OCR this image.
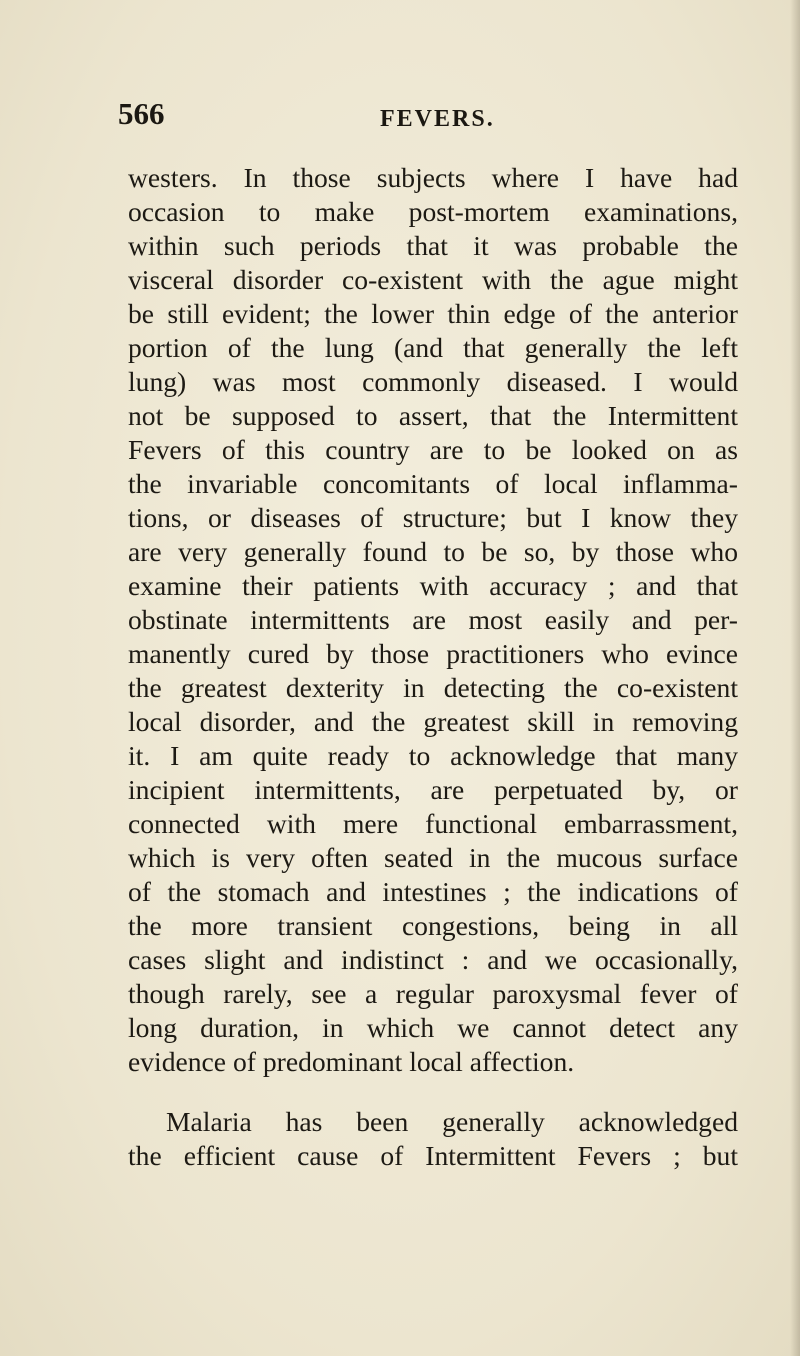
566	FEVERS.
westers. In those subjects where I have had
occasion to make post-mortem examinations,
within such periods that it was probable the
visceral disorder co-existent with the ague might
be still evident; the lower thin edge of the anterior
portion of the lung (and that generally the left
lung) was most commonly diseased. I would
not be supposed to assert, that the Intermittent
Fevers of this country are to be looked on as
the invariable concomitants of local inflamma-
tions, or diseases of structure; but I know they
are very generally found to be so, by those who
examine their patients with accuracy ; and that
obstinate intermittents are most easily and per-
manently cured by those practitioners who evince
the greatest dexterity in detecting the co-existent
local disorder, and the greatest skill in removing
it. I am quite ready to acknowledge that many
incipient intermittents, are perpetuated by, or
connected with mere functional embarrassment,
which is very often seated in the mucous surface
of the stomach and intestines ; the indications of
the more transient congestions, being in all
cases slight and indistinct : and we occasionally,
though rarely, see a regular paroxysmal fever of
long duration, in which we cannot detect any
evidence of predominant local affection.
Malaria has been generally acknowledged
the efficient cause of Intermittent Fevers ; but
